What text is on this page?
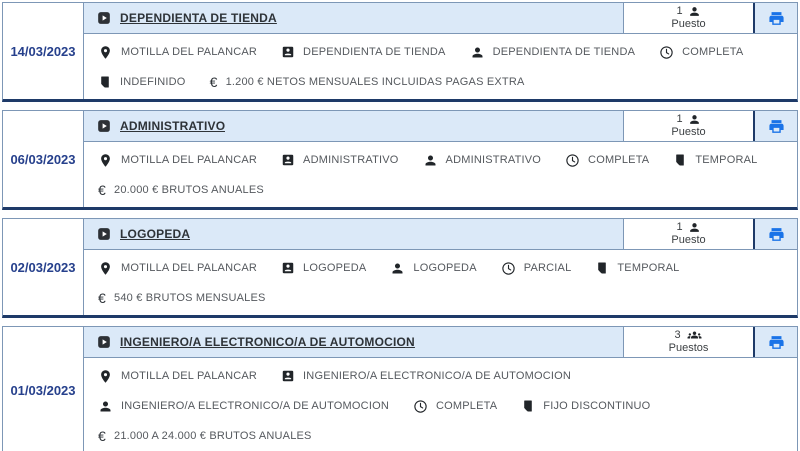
14/03/2023
DEPENDIENTA DE TIENDA
1
Puesto
MOTILLA DEL PALANCAR	DEPENDIENTA DE TIENDA	DEPENDIENTA DE TIENDA	COMPLETA
INDEFINIDO € 1.200 € NETOS MENSUALES INCLUIDAS PAGAS EXTRA
06/03/2023
ADMINISTRATIVO
1
Puesto
MOTILLA DEL PALANCAR	ADMINISTRATIVO	ADMINISTRATIVO	COMPLETA	TEMPORAL
€ 20.000 € BRUTOS ANUALES
02/03/2023
LOGOPEDA
1
Puesto
MOTILLA DEL PALANCAR	LOGOPEDA	LOGOPEDA	PARCIAL	TEMPORAL
€ 540 € BRUTOS MENSUALES
01/03/2023
INGENIERO/A ELECTRONICO/A DE AUTOMOCION
3
Puestos
MOTILLA DEL PALANCAR	INGENIERO/A ELECTRONICO/A DE AUTOMOCION
INGENIERO/A ELECTRONICO/A DE AUTOMOCION	COMPLETA	FIJO DISCONTINUO
€ 21.000 A 24.000 € BRUTOS ANUALES
